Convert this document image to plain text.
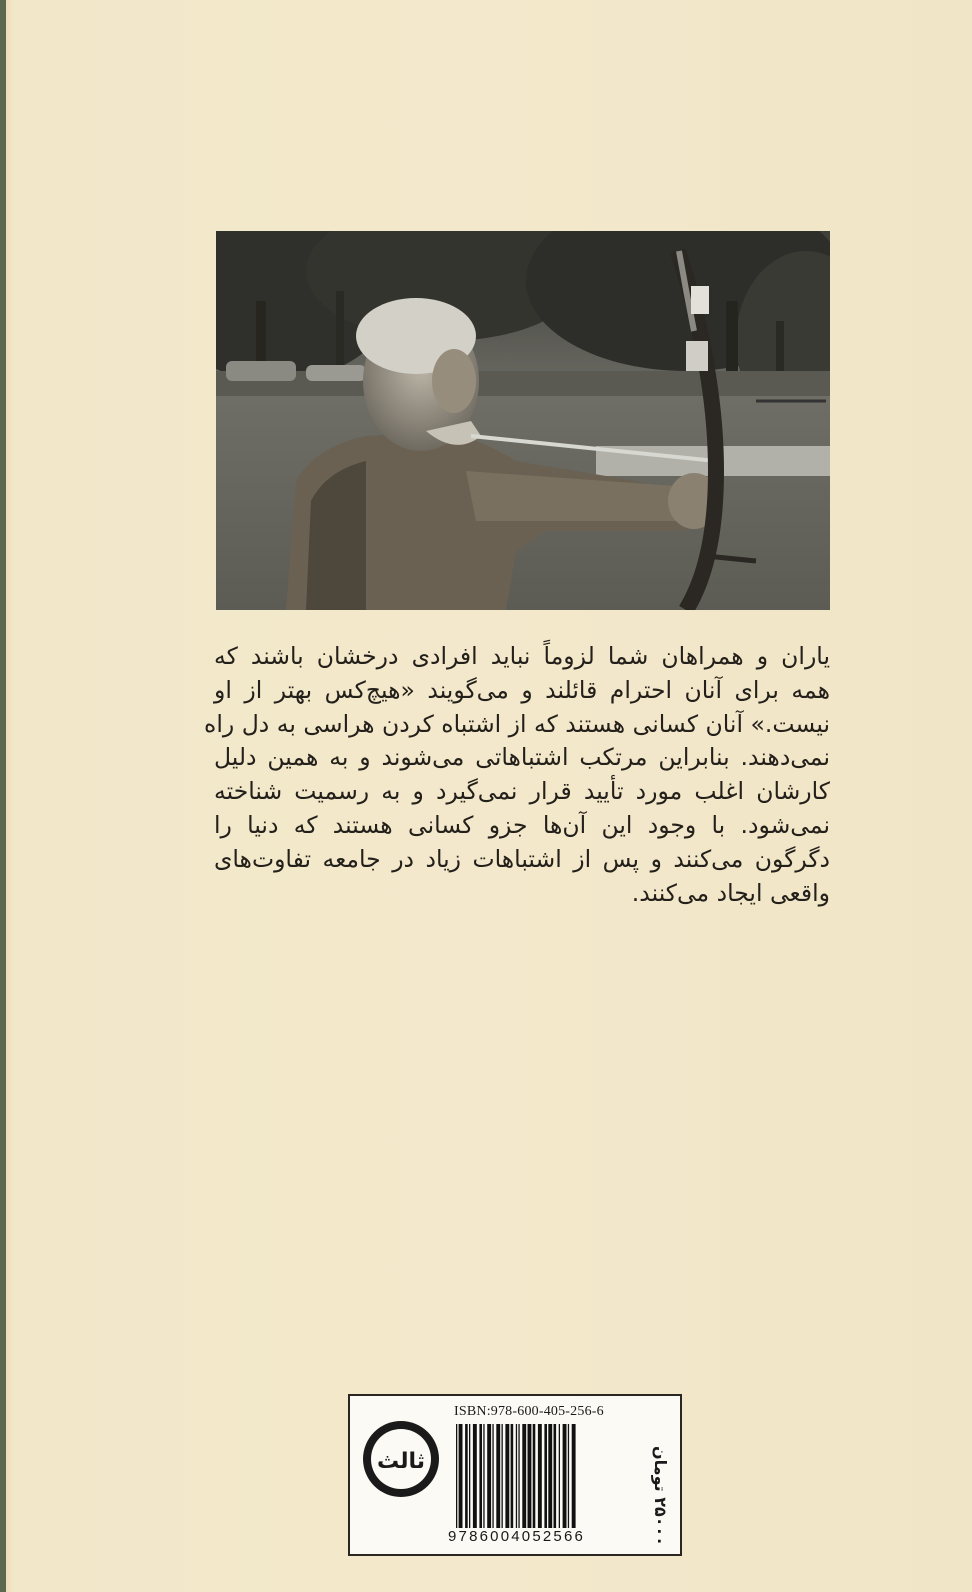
یاران و همراهان شما لزوماً نباید افرادی درخشان باشند که
همه برای آنان احترام قائلند و می‌گویند «هیچ‌کس بهتر از او
نیست.» آنان کسانی هستند که از اشتباه کردن هراسی به دل راه
نمی‌دهند. بنابراین مرتکب اشتباهاتی می‌شوند و به همین دلیل
کارشان اغلب مورد تأیید قرار نمی‌گیرد و به رسمیت شناخته
نمی‌شود. با وجود این آن‌ها جزو کسانی هستند که دنیا را
دگرگون می‌کنند و پس از اشتباهات زیاد در جامعه تفاوت‌های
واقعی ایجاد می‌کنند.
ثالث
ISBN:978-600-405-256-6
9786004052566
۲۵۰۰۰ تومان
